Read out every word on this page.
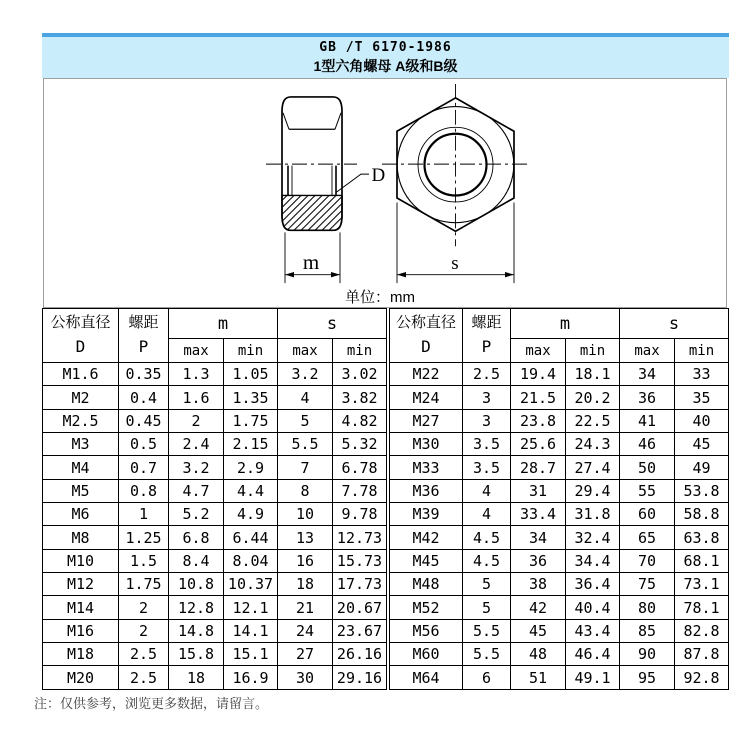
GB /T 6170-1986
1型六角螺母 A级和B级
D
m	s
单位：mm
公称直径
D	螺距
P	m		s	
		max	min	max	min
M1.6	0.35	1.3	1.05	3.2	3.02
M2	0.4	1.6	1.35	4	3.82
M2.5	0.45	2	1.75	5	4.82
M3	0.5	2.4	2.15	5.5	5.32
M4	0.7	3.2	2.9	7	6.78
M5	0.8	4.7	4.4	8	7.78
M6	1	5.2	4.9	10	9.78
M8	1.25	6.8	6.44	13	12.73
M10	1.5	8.4	8.04	16	15.73
M12	1.75	10.8	10.37	18	17.73
M14	2	12.8	12.1	21	20.67
M16	2	14.8	14.1	24	23.67
M18	2.5	15.8	15.1	27	26.16
M20	2.5	18	16.9	30	29.16
公称直径
D	螺距
P	m		s	
		max	min	max	min
M22	2.5	19.4	18.1	34	33
M24	3	21.5	20.2	36	35
M27	3	23.8	22.5	41	40
M30	3.5	25.6	24.3	46	45
M33	3.5	28.7	27.4	50	49
M36	4	31	29.4	55	53.8
M39	4	33.4	31.8	60	58.8
M42	4.5	34	32.4	65	63.8
M45	4.5	36	34.4	70	68.1
M48	5	38	36.4	75	73.1
M52	5	42	40.4	80	78.1
M56	5.5	45	43.4	85	82.8
M60	5.5	48	46.4	90	87.8
M64	6	51	49.1	95	92.8
注：仅供参考，浏览更多数据，请留言。
